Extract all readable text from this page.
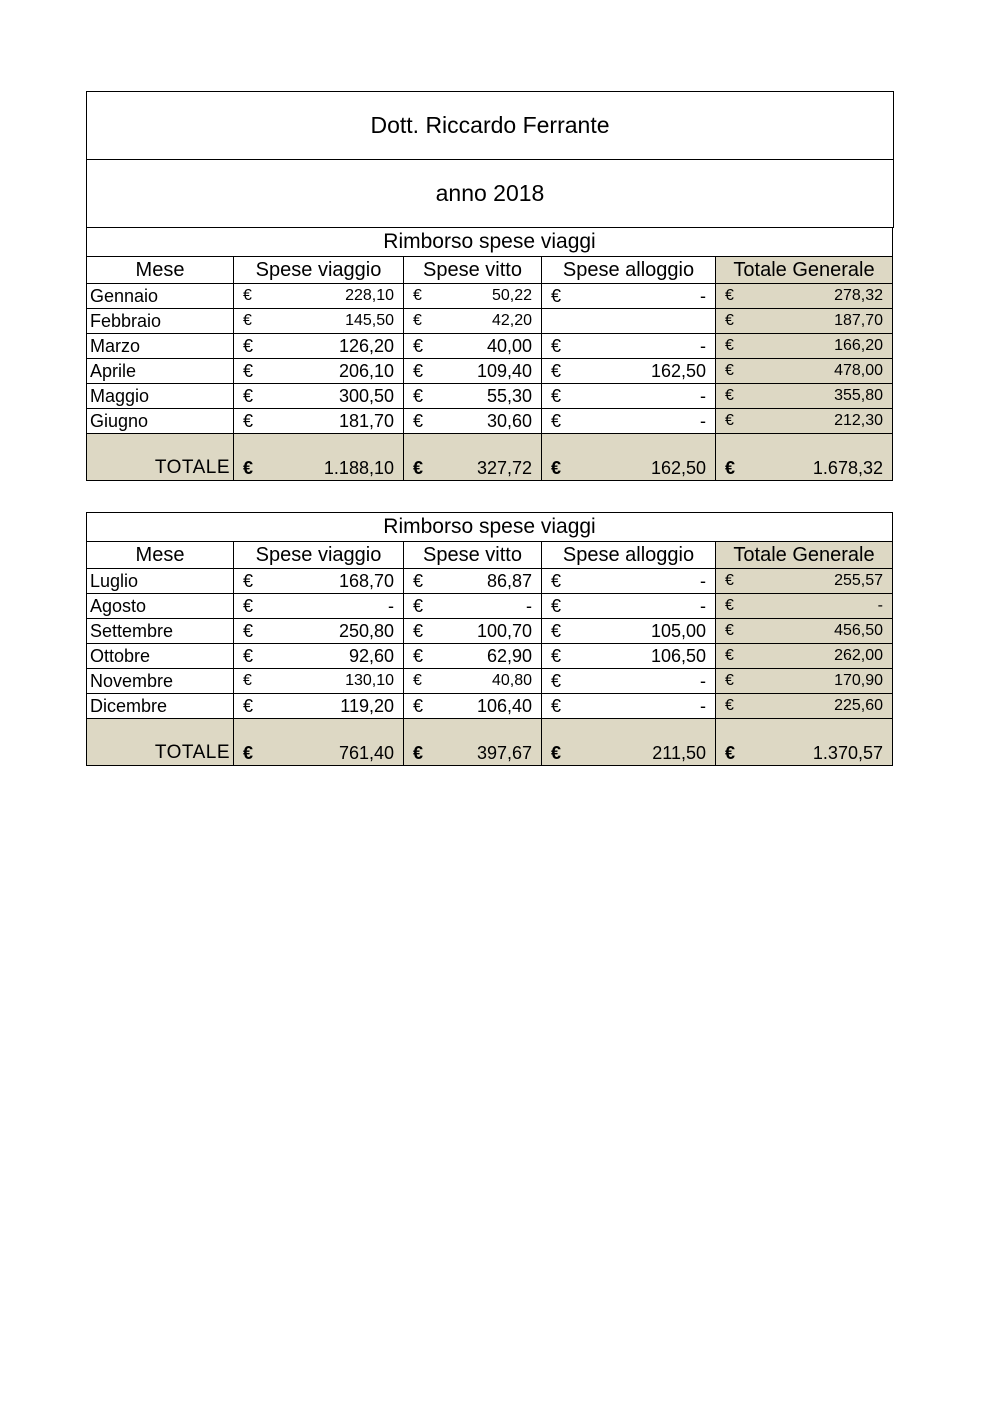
Dott. Riccardo Ferrante
anno 2018
Rimborso spese viaggi				
Mese	Spese viaggio	Spese vitto	Spese alloggio	Totale Generale
Gennaio	€ 228,10	€ 50,22	€ -	€ 278,32

Febbraio	€ 145,50	€ 42,20		€ 187,70

Marzo	€ 126,20	€ 40,00	€ -	€ 166,20

Aprile	€ 206,10	€ 109,40	€ 162,50	€ 478,00

Maggio	€ 300,50	€ 55,30	€ -	€ 355,80

Giugno	€ 181,70	€ 30,60	€ -	€ 212,30

TOTALE	€ 1.188,10	€ 327,72	€ 162,50	€ 1.678,32
Rimborso spese viaggi				
Mese	Spese viaggio	Spese vitto	Spese alloggio	Totale Generale
Luglio	€ 168,70	€ 86,87	€ -	€ 255,57

Agosto	€ -	€ -	€ -	€ -

Settembre	€ 250,80	€ 100,70	€ 105,00	€ 456,50

Ottobre	€ 92,60	€ 62,90	€ 106,50	€ 262,00

Novembre	€ 130,10	€ 40,80	€ -	€ 170,90

Dicembre	€ 119,20	€ 106,40	€ -	€ 225,60

TOTALE	€ 761,40	€ 397,67	€ 211,50	€ 1.370,57
